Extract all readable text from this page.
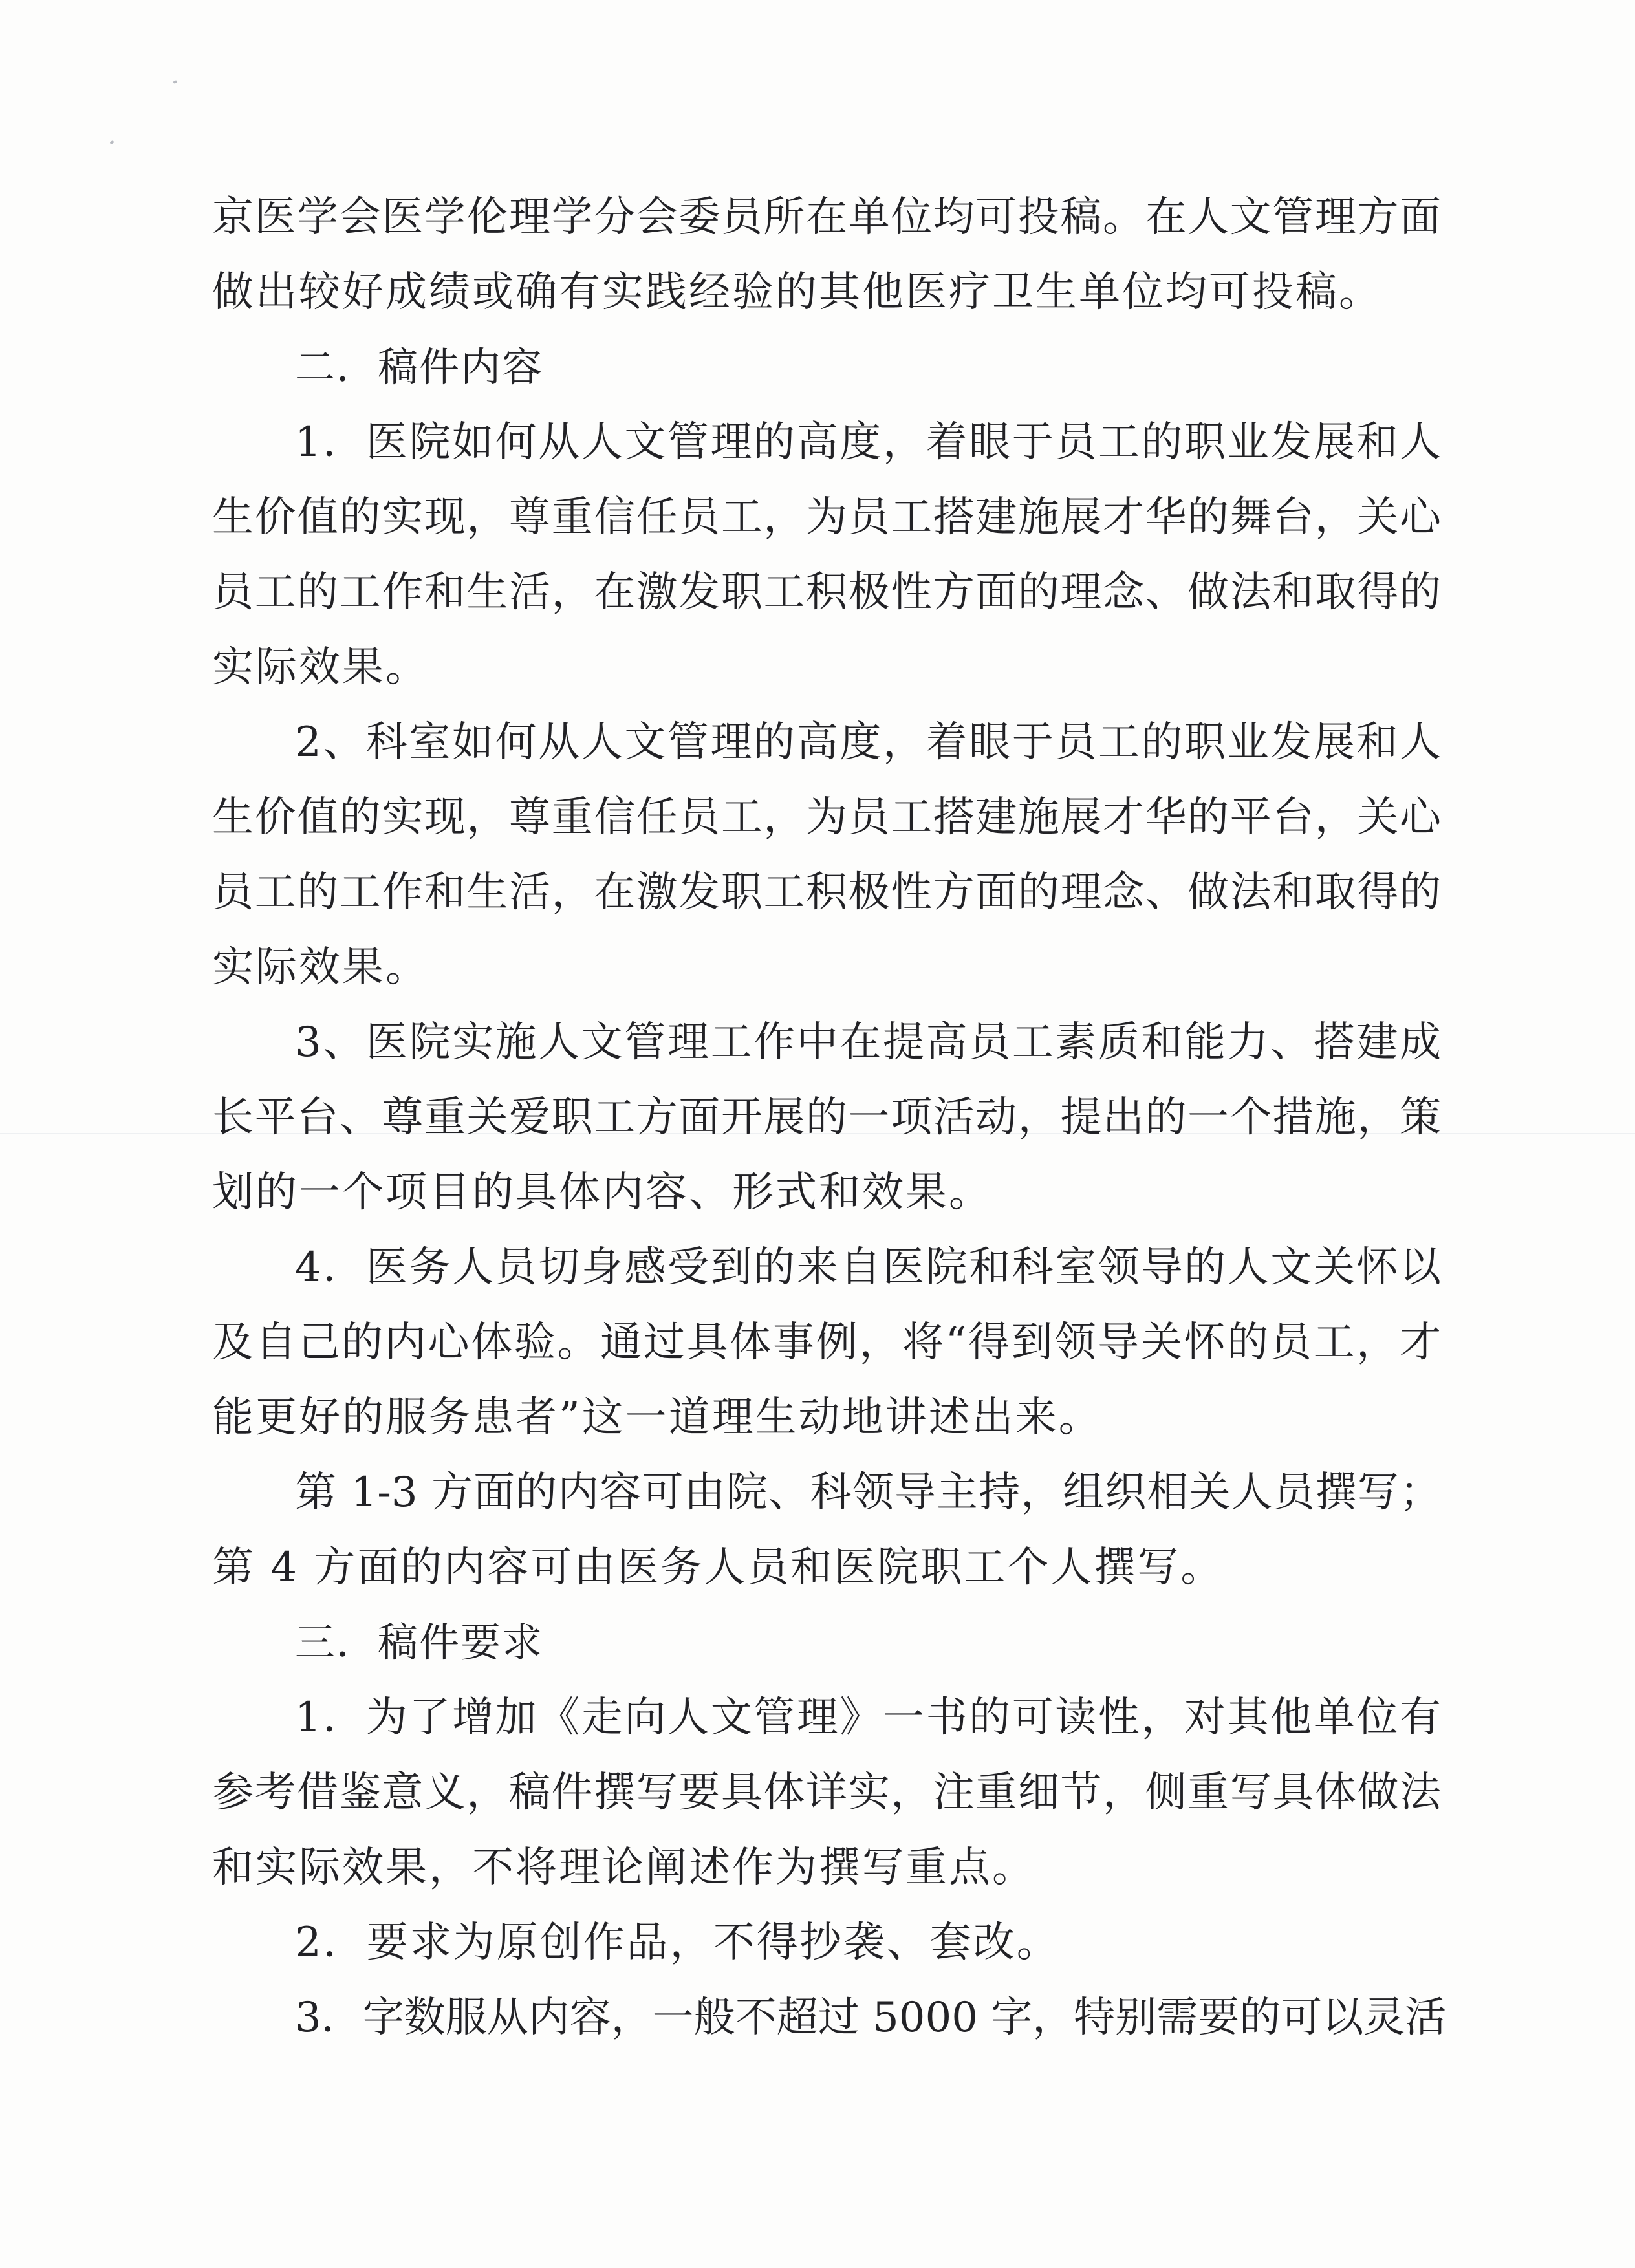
京医学会医学伦理学分会委员所在单位均可投稿。在人文管理方面
做出较好成绩或确有实践经验的其他医疗卫生单位均可投稿。
二．稿件内容
1．医院如何从人文管理的高度，着眼于员工的职业发展和人
生价值的实现，尊重信任员工，为员工搭建施展才华的舞台，关心
员工的工作和生活，在激发职工积极性方面的理念、做法和取得的
实际效果。
2、科室如何从人文管理的高度，着眼于员工的职业发展和人
生价值的实现，尊重信任员工，为员工搭建施展才华的平台，关心
员工的工作和生活，在激发职工积极性方面的理念、做法和取得的
实际效果。
3、医院实施人文管理工作中在提高员工素质和能力、搭建成
长平台、尊重关爱职工方面开展的一项活动，提出的一个措施，策
划的一个项目的具体内容、形式和效果。
4．医务人员切身感受到的来自医院和科室领导的人文关怀以
及自己的内心体验。通过具体事例，将“得到领导关怀的员工，才
能更好的服务患者”这一道理生动地讲述出来。
第 1-3 方面的内容可由院、科领导主持，组织相关人员撰写；
第 4 方面的内容可由医务人员和医院职工个人撰写。
三．稿件要求
1．为了增加《走向人文管理》一书的可读性，对其他单位有
参考借鉴意义，稿件撰写要具体详实，注重细节，侧重写具体做法
和实际效果，不将理论阐述作为撰写重点。
2．要求为原创作品，不得抄袭、套改。
3．字数服从内容，一般不超过 5000 字，特别需要的可以灵活
